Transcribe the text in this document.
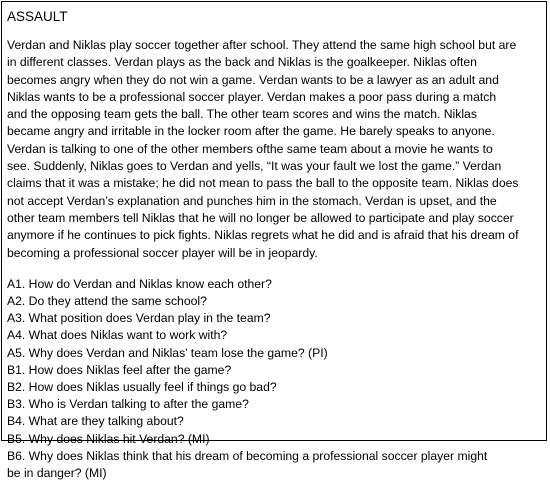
ASSAULT

Verdan and Niklas play soccer together after school. They attend the same high school but are
in different classes. Verdan plays as the back and Niklas is the goalkeeper. Niklas often
becomes angry when they do not win a game. Verdan wants to be a lawyer as an adult and
Niklas wants to be a professional soccer player. Verdan makes a poor pass during a match
and the opposing team gets the ball. The other team scores and wins the match. Niklas
became angry and irritable in the locker room after the game. He barely speaks to anyone.
Verdan is talking to one of the other members ofthe same team about a movie he wants to
see. Suddenly, Niklas goes to Verdan and yells, “It was your fault we lost the game.” Verdan
claims that it was a mistake; he did not mean to pass the ball to the opposite team. Niklas does
not accept Verdan’s explanation and punches him in the stomach. Verdan is upset, and the
other team members tell Niklas that he will no longer be allowed to participate and play soccer
anymore if he continues to pick fights. Niklas regrets what he did and is afraid that his dream of
becoming a professional soccer player will be in jeopardy.

A1. How do Verdan and Niklas know each other?
A2. Do they attend the same school?
A3. What position does Verdan play in the team?
A4. What does Niklas want to work with?
A5. Why does Verdan and Niklas’ team lose the game? (PI)
B1. How does Niklas feel after the game?
B2. How does Niklas usually feel if things go bad?
B3. Who is Verdan talking to after the game?
B4. What are they talking about?
B5. Why does Niklas hit Verdan? (MI)
B6. Why does Niklas think that his dream of becoming a professional soccer player might
be in danger? (MI)
